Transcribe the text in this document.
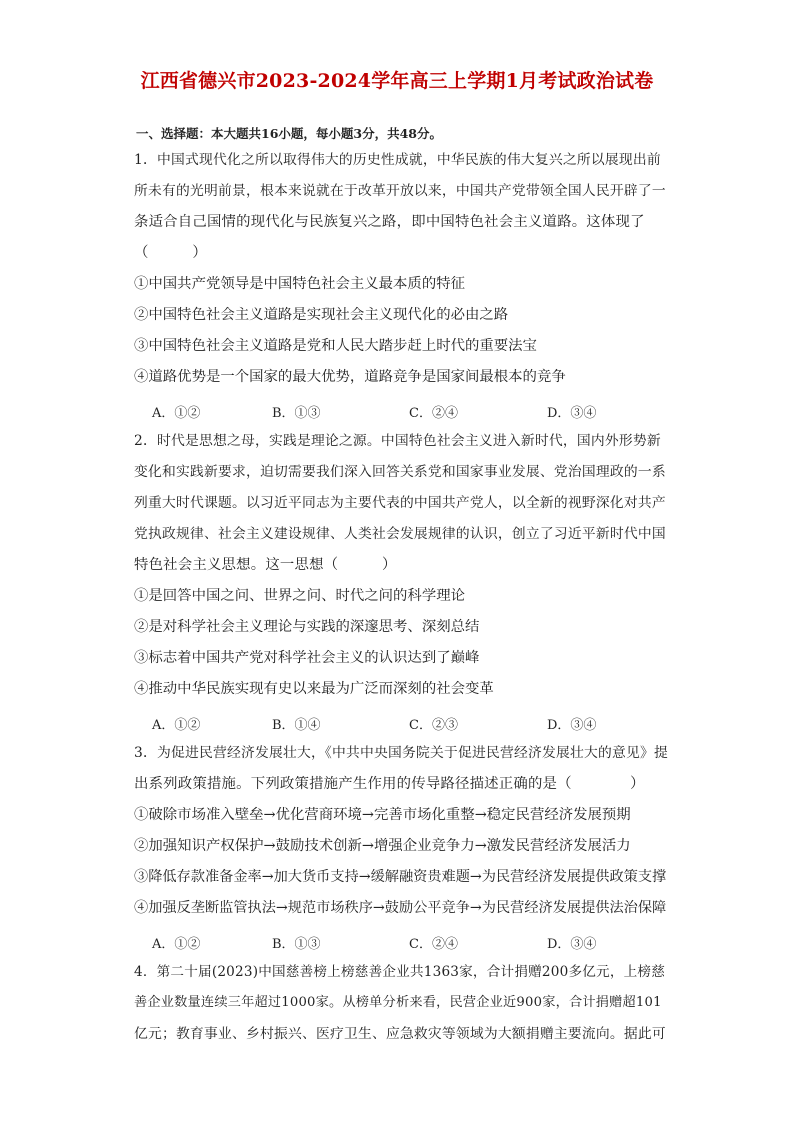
江西省德兴市2023-2024学年高三上学期1月考试政治试卷
一、选择题：本大题共16小题，每小题3分，共48分。
1．中国式现代化之所以取得伟大的历史性成就，中华民族的伟大复兴之所以展现出前
所未有的光明前景，根本来说就在于改革开放以来，中国共产党带领全国人民开辟了一
条适合自己国情的现代化与民族复兴之路，即中国特色社会主义道路。这体现了
（　　　）
①中国共产党领导是中国特色社会主义最本质的特征
②中国特色社会主义道路是实现社会主义现代化的必由之路
③中国特色社会主义道路是党和人民大踏步赶上时代的重要法宝
④道路优势是一个国家的最大优势，道路竞争是国家间最根本的竞争
A．①②	B．①③	C．②④	D．③④
2．时代是思想之母，实践是理论之源。中国特色社会主义进入新时代，国内外形势新
变化和实践新要求，迫切需要我们深入回答关系党和国家事业发展、党治国理政的一系
列重大时代课题。以习近平同志为主要代表的中国共产党人，以全新的视野深化对共产
党执政规律、社会主义建设规律、人类社会发展规律的认识，创立了习近平新时代中国
特色社会主义思想。这一思想（　　　）
①是回答中国之问、世界之问、时代之问的科学理论
②是对科学社会主义理论与实践的深邃思考、深刻总结
③标志着中国共产党对科学社会主义的认识达到了巅峰
④推动中华民族实现有史以来最为广泛而深刻的社会变革
A．①②	B．①④	C．②③	D．③④
3．为促进民营经济发展壮大，《中共中央国务院关于促进民营经济发展壮大的意见》提
出系列政策措施。下列政策措施产生作用的传导路径描述正确的是（　　　　）
①破除市场准入壁垒→优化营商环境→完善市场化重整→稳定民营经济发展预期
②加强知识产权保护→鼓励技术创新→增强企业竞争力→激发民营经济发展活力
③降低存款准备金率→加大货币支持→缓解融资贵难题→为民营经济发展提供政策支撑
④加强反垄断监管执法→规范市场秩序→鼓励公平竞争→为民营经济发展提供法治保障
A．①②	B．①③	C．②④	D．③④
4．第二十届(2023)中国慈善榜上榜慈善企业共1363家，合计捐赠200多亿元，上榜慈
善企业数量连续三年超过1000家。从榜单分析来看，民营企业近900家，合计捐赠超101
亿元；教育事业、乡村振兴、医疗卫生、应急救灾等领域为大额捐赠主要流向。据此可
